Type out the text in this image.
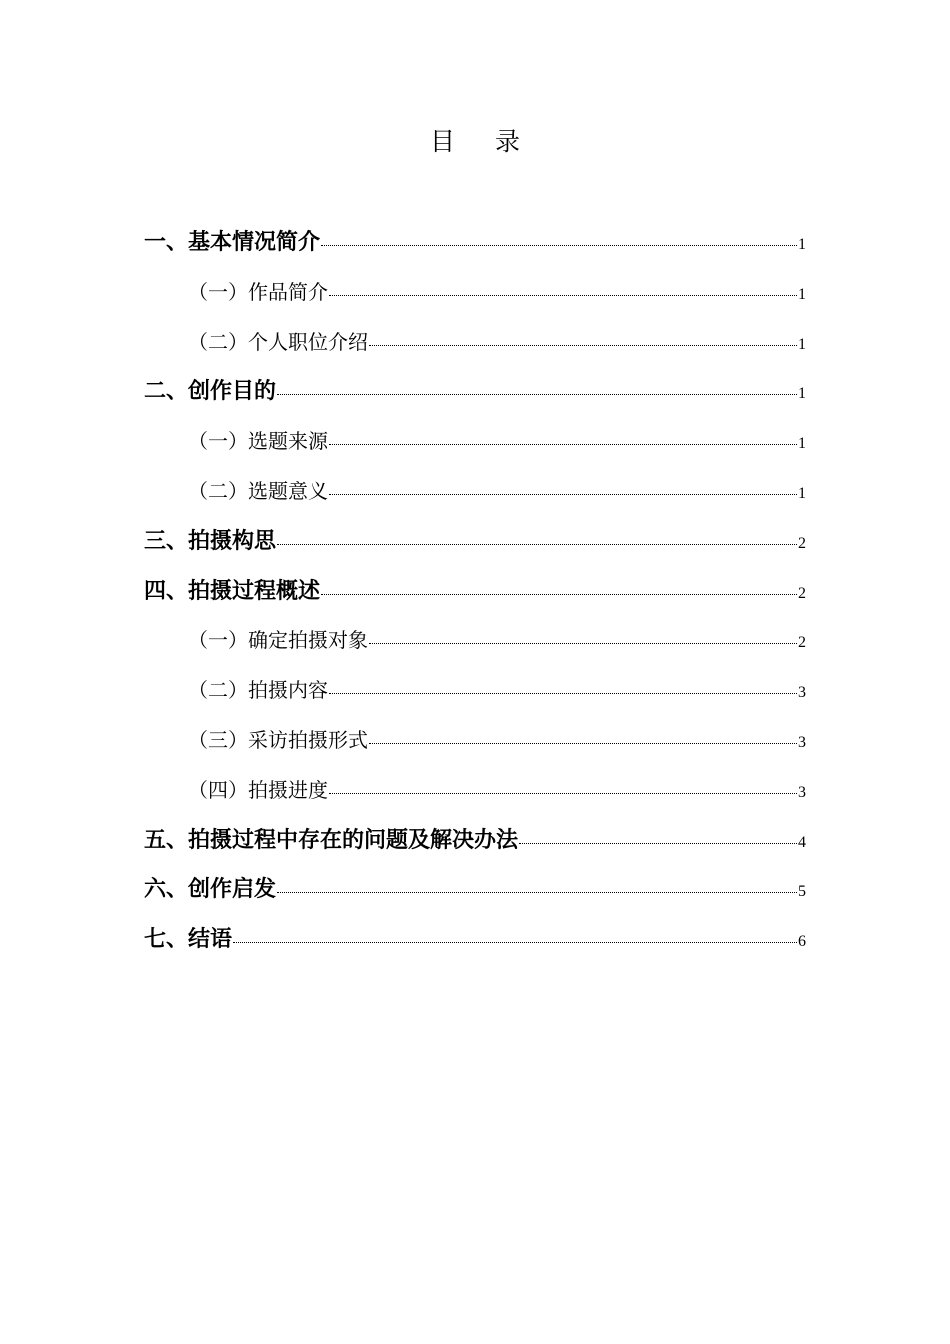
目 录
一、基本情况简介	1
（一）作品简介	1
（二）个人职位介绍	1
二、创作目的	1
（一）选题来源	1
（二）选题意义	1
三、拍摄构思	2
四、拍摄过程概述	2
（一）确定拍摄对象	2
（二）拍摄内容	3
（三）采访拍摄形式	3
（四）拍摄进度	3
五、拍摄过程中存在的问题及解决办法	4
六、创作启发	5
七、结语	6
